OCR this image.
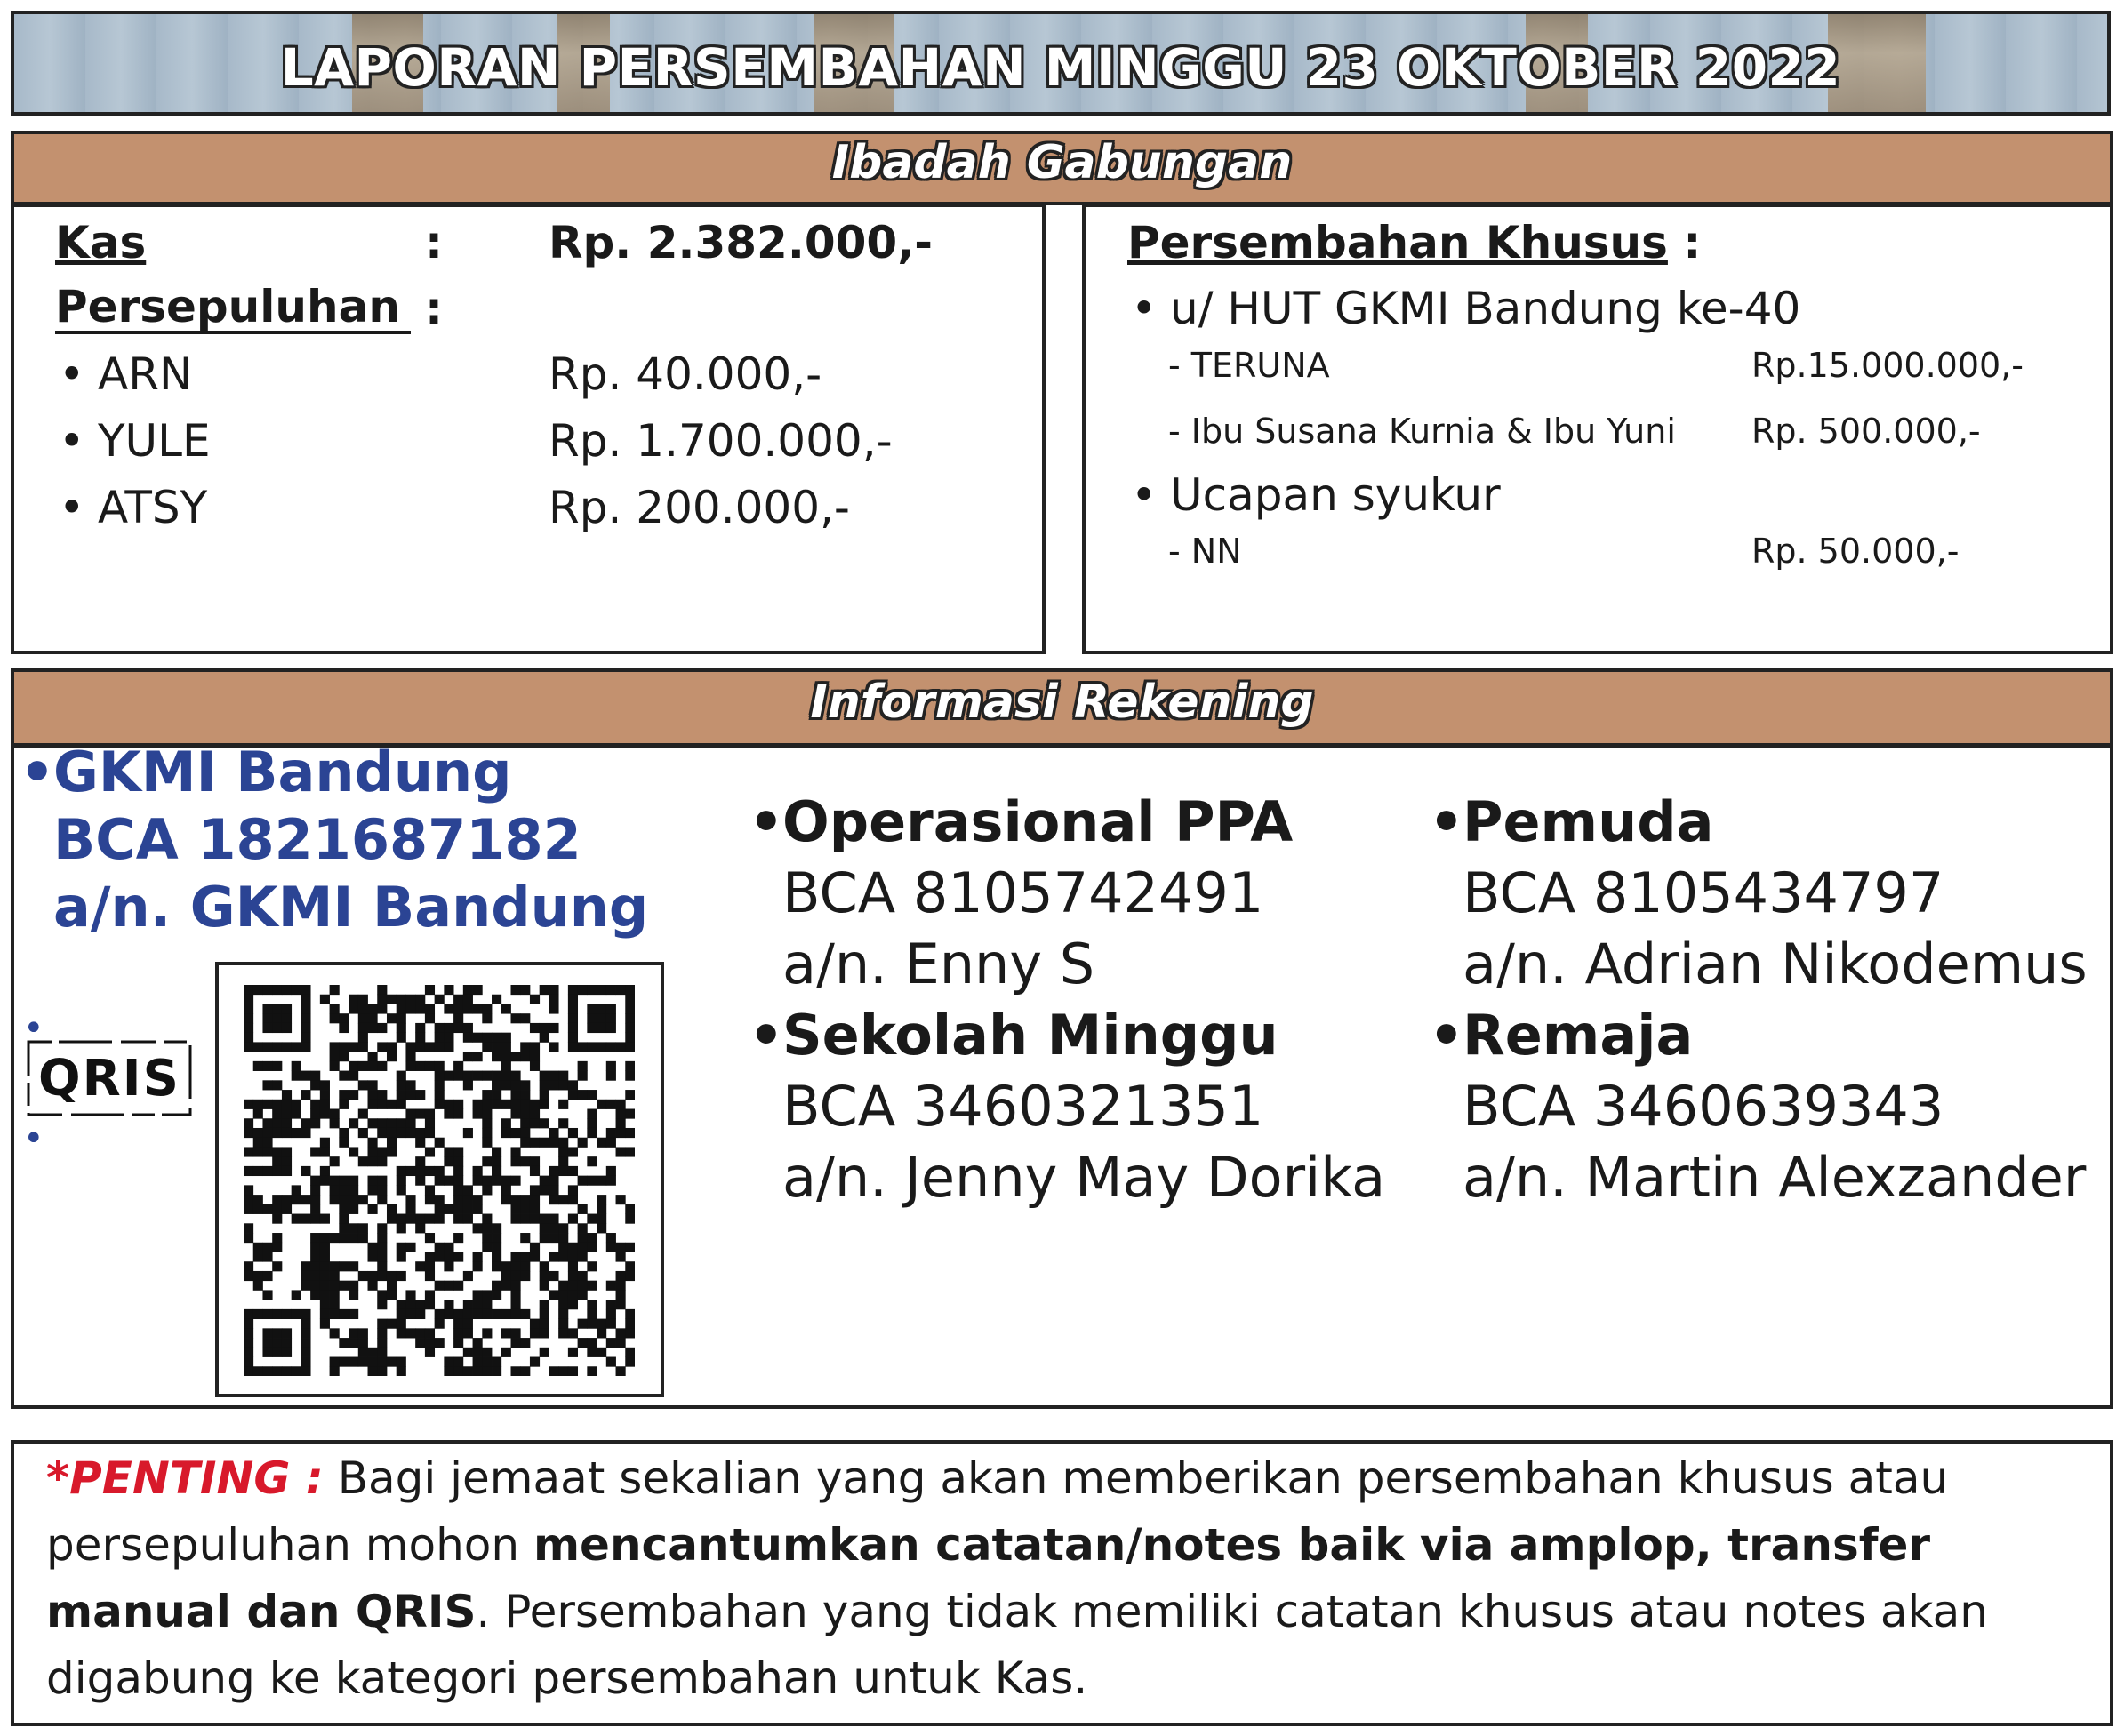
LAPORAN PERSEMBAHAN MINGGU 23 OKTOBER 2022
Ibadah Gabungan
Kas	: Rp. 2.382.000,-
Persepuluhan :
• ARN	Rp. 40.000,-
• YULE	Rp. 1.700.000,-
• ATSY	Rp. 200.000,-
Persembahan Khusus :
• u/ HUT GKMI Bandung ke-40
- TERUNA	Rp.15.000.000,-
- Ibu Susana Kurnia & Ibu Yuni Rp. 500.000,-
• Ucapan syukur
- NN	Rp. 50.000,-
Informasi Rekening
•
GKMI Bandung
BCA 1821687182
a/n. GKMI Bandung
•
•
QRIS
•
Operasional PPA
BCA 8105742491
a/n. Enny S
•
Sekolah Minggu
BCA 3460321351
a/n. Jenny May Dorika
•
Pemuda
BCA 8105434797
a/n. Adrian Nikodemus
•
Remaja
BCA 3460639343
a/n. Martin Alexzander
*PENTING : Bagi jemaat sekalian yang akan memberikan persembahan khusus atau persepuluhan mohon mencantumkan catatan/notes baik via amplop, transfer manual dan QRIS. Persembahan yang tidak memiliki catatan khusus atau notes akan digabung ke kategori persembahan untuk Kas.
